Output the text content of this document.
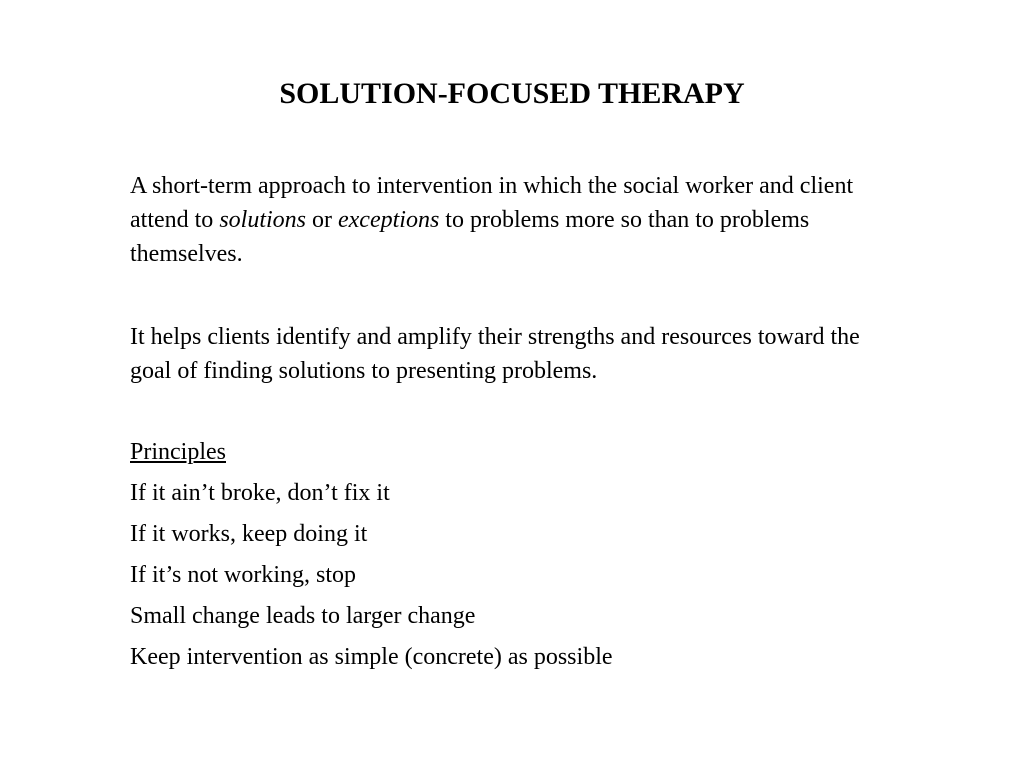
SOLUTION-FOCUSED THERAPY

A short-term approach to intervention in which the social worker and client attend to solutions or exceptions to problems more so than to problems themselves.

It helps clients identify and amplify their strengths and resources toward the goal of finding solutions to presenting problems.

Principles
If it ain’t broke, don’t fix it
If it works, keep doing it
If it’s not working, stop
Small change leads to larger change
Keep intervention as simple (concrete) as possible
